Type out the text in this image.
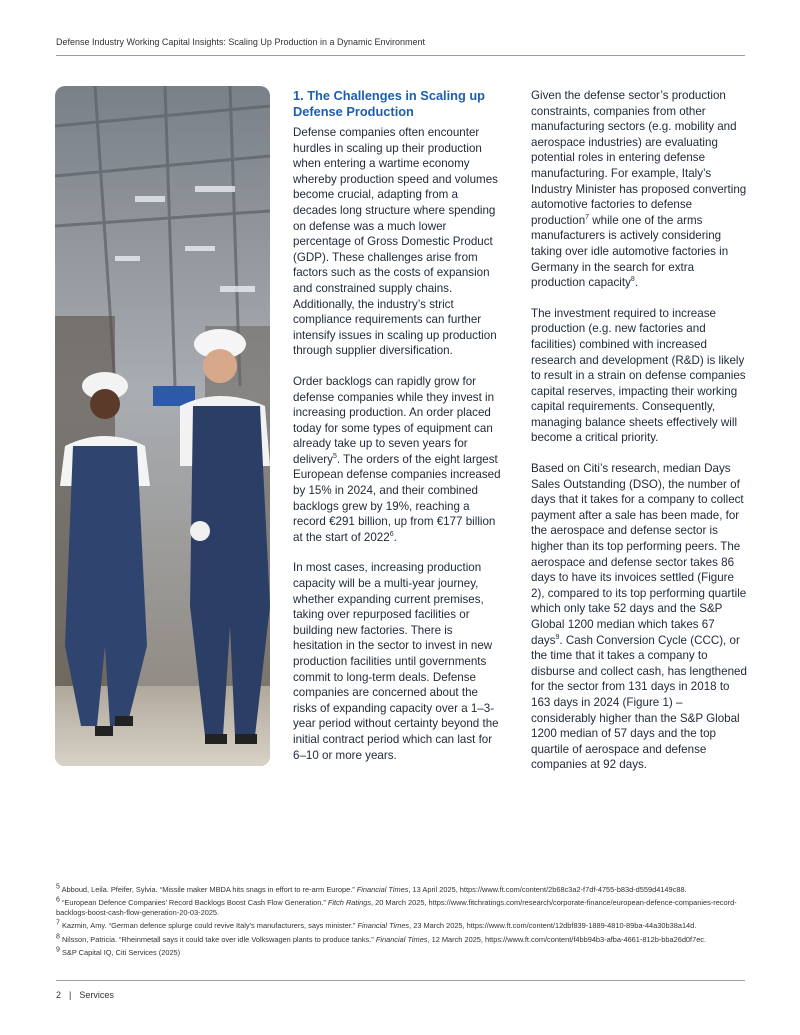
Defense Industry Working Capital Insights: Scaling Up Production in a Dynamic Environment
1. The Challenges in Scaling up Defense Production

Defense companies often encounter hurdles in scaling up their production when entering a wartime economy whereby production speed and volumes become crucial, adapting from a decades long structure where spending on defense was a much lower percentage of Gross Domestic Product (GDP). These challenges arise from factors such as the costs of expansion and constrained supply chains. Additionally, the industry’s strict compliance requirements can further intensify issues in scaling up production through supplier diversification.

Order backlogs can rapidly grow for defense companies while they invest in increasing production. An order placed today for some types of equipment can already take up to seven years for delivery$^5$. The orders of the eight largest European defense companies increased by 15% in 2024, and their combined backlogs grew by 19%, reaching a record €291 billion, up from €177 billion at the start of 2022$^6$.

In most cases, increasing production capacity will be a multi-year journey, whether expanding current premises, taking over repurposed facilities or building new factories. There is hesitation in the sector to invest in new production facilities until governments commit to long-term deals. Defense companies are concerned about the risks of expanding capacity over a 1–3-year period without certainty beyond the initial contract period which can last for 6–10 or more years.

Given the defense sector’s production constraints, companies from other manufacturing sectors (e.g. mobility and aerospace industries) are evaluating potential roles in entering defense manufacturing. For example, Italy’s Industry Minister has proposed converting automotive factories to defense production$^7$ while one of the arms manufacturers is actively considering taking over idle automotive factories in Germany in the search for extra production capacity$^8$.

The investment required to increase production (e.g. new factories and facilities) combined with increased research and development (R&D) is likely to result in a strain on defense companies capital reserves, impacting their working capital requirements. Consequently, managing balance sheets effectively will become a critical priority.

Based on Citi’s research, median Days Sales Outstanding (DSO), the number of days that it takes for a company to collect payment after a sale has been made, for the aerospace and defense sector is higher than its top performing peers. The aerospace and defense sector takes 86 days to have its invoices settled (Figure 2), compared to its top performing quartile which only take 52 days and the S&P Global 1200 median which takes 67 days$^9$. Cash Conversion Cycle (CCC), or the time that it takes a company to disburse and collect cash, has lengthened for the sector from 131 days in 2018 to 163 days in 2024 (Figure 1) – considerably higher than the S&P Global 1200 median of 57 days and the top quartile of aerospace and defense companies at 92 days.

$^5$ Abboud, Leila. Pfeifer, Sylvia. “Missile maker MBDA hits snags in effort to re-arm Europe.” Financial Times, 13 April 2025, https://www.ft.com/content/2b68c3a2-f7df-4755-b83d-d559d4149c88.
$^6$ “European Defence Companies’ Record Backlogs Boost Cash Flow Generation.” Fitch Ratings, 20 March 2025, https://www.fitchratings.com/research/corporate-finance/european-defence-companies-record-backlogs-boost-cash-flow-generation-20-03-2025.
$^7$ Kazmin, Amy. “German defence splurge could revive Italy’s manufacturers, says minister.” Financial Times, 23 March 2025, https://www.ft.com/content/12dbf839-1889-4810-89ba-44a30b38a14d.
$^8$ Nilsson, Patricia. “Rheinmetall says it could take over idle Volkswagen plants to produce tanks.” Financial Times, 12 March 2025, https://www.ft.com/content/f4bb94b3-afba-4661-812b-bba26d0f7ec.
$^9$ S&P Capital IQ, Citi Services (2025)
2 | Services
